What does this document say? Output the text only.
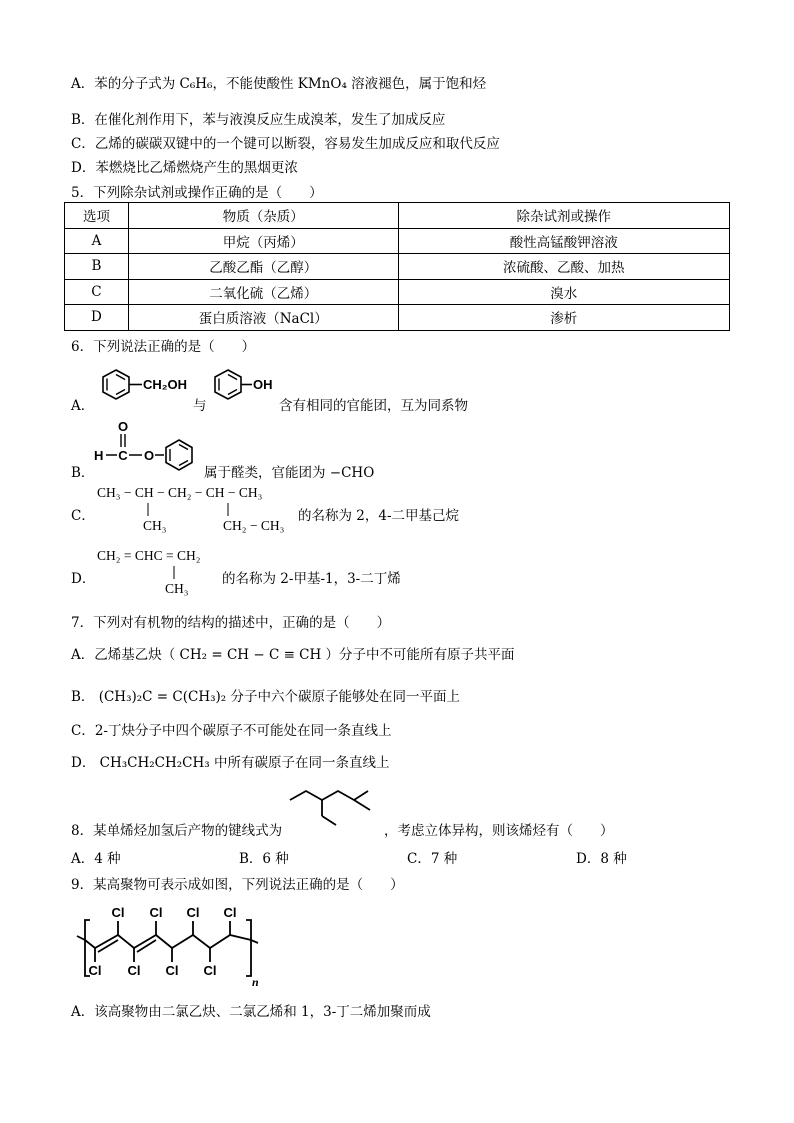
A．苯的分子式为 C₆H₆，不能使酸性 KMnO₄ 溶液褪色，属于饱和烃
B．在催化剂作用下，苯与液溴反应生成溴苯，发生了加成反应
C．乙烯的碳碳双键中的一个键可以断裂，容易发生加成反应和取代反应
D．苯燃烧比乙烯燃烧产生的黑烟更浓
5．下列除杂试剂或操作正确的是（　　）
选项	物质（杂质）	除杂试剂或操作
A	甲烷（丙烯）	酸性高锰酸钾溶液
B	乙酸乙酯（乙醇）	浓硫酸、乙酸、加热
C	二氧化硫（乙烯）	溴水
D	蛋白质溶液（NaCl）	渗析
6．下列说法正确的是（　　）
A．
CH₂OH
与
OH
含有相同的官能团，互为同系物
B．
O
H C O
属于醛类，官能团为 −CHO
C．
CH₃ − CH − CH₂ − CH − CH₃
CH₃	CH₂ − CH₃
的名称为 2，4-二甲基己烷
D．
CH₂ = CHC = CH₂
CH₃
的名称为 2-甲基-1，3-二丁烯
7．下列对有机物的结构的描述中，正确的是（　　）
A．乙烯基乙炔（ CH₂ = CH − C ≡ CH ）分子中不可能所有原子共平面
B． (CH₃)₂C = C(CH₃)₂ 分子中六个碳原子能够处在同一平面上
C．2-丁炔分子中四个碳原子不可能处在同一条直线上
D． CH₃CH₂CH₂CH₃ 中所有碳原子在同一条直线上
8．某单烯烃加氢后产物的键线式为	，考虑立体异构，则该烯烃有（　　）
A．4 种	B．6 种	C．7 种	D．8 种
9．某高聚物可表示成如图，下列说法正确的是（　　）
Cl Cl Cl Cl
Cl Cl Cl Cl
n
A．该高聚物由二氯乙炔、二氯乙烯和 1，3-丁二烯加聚而成
